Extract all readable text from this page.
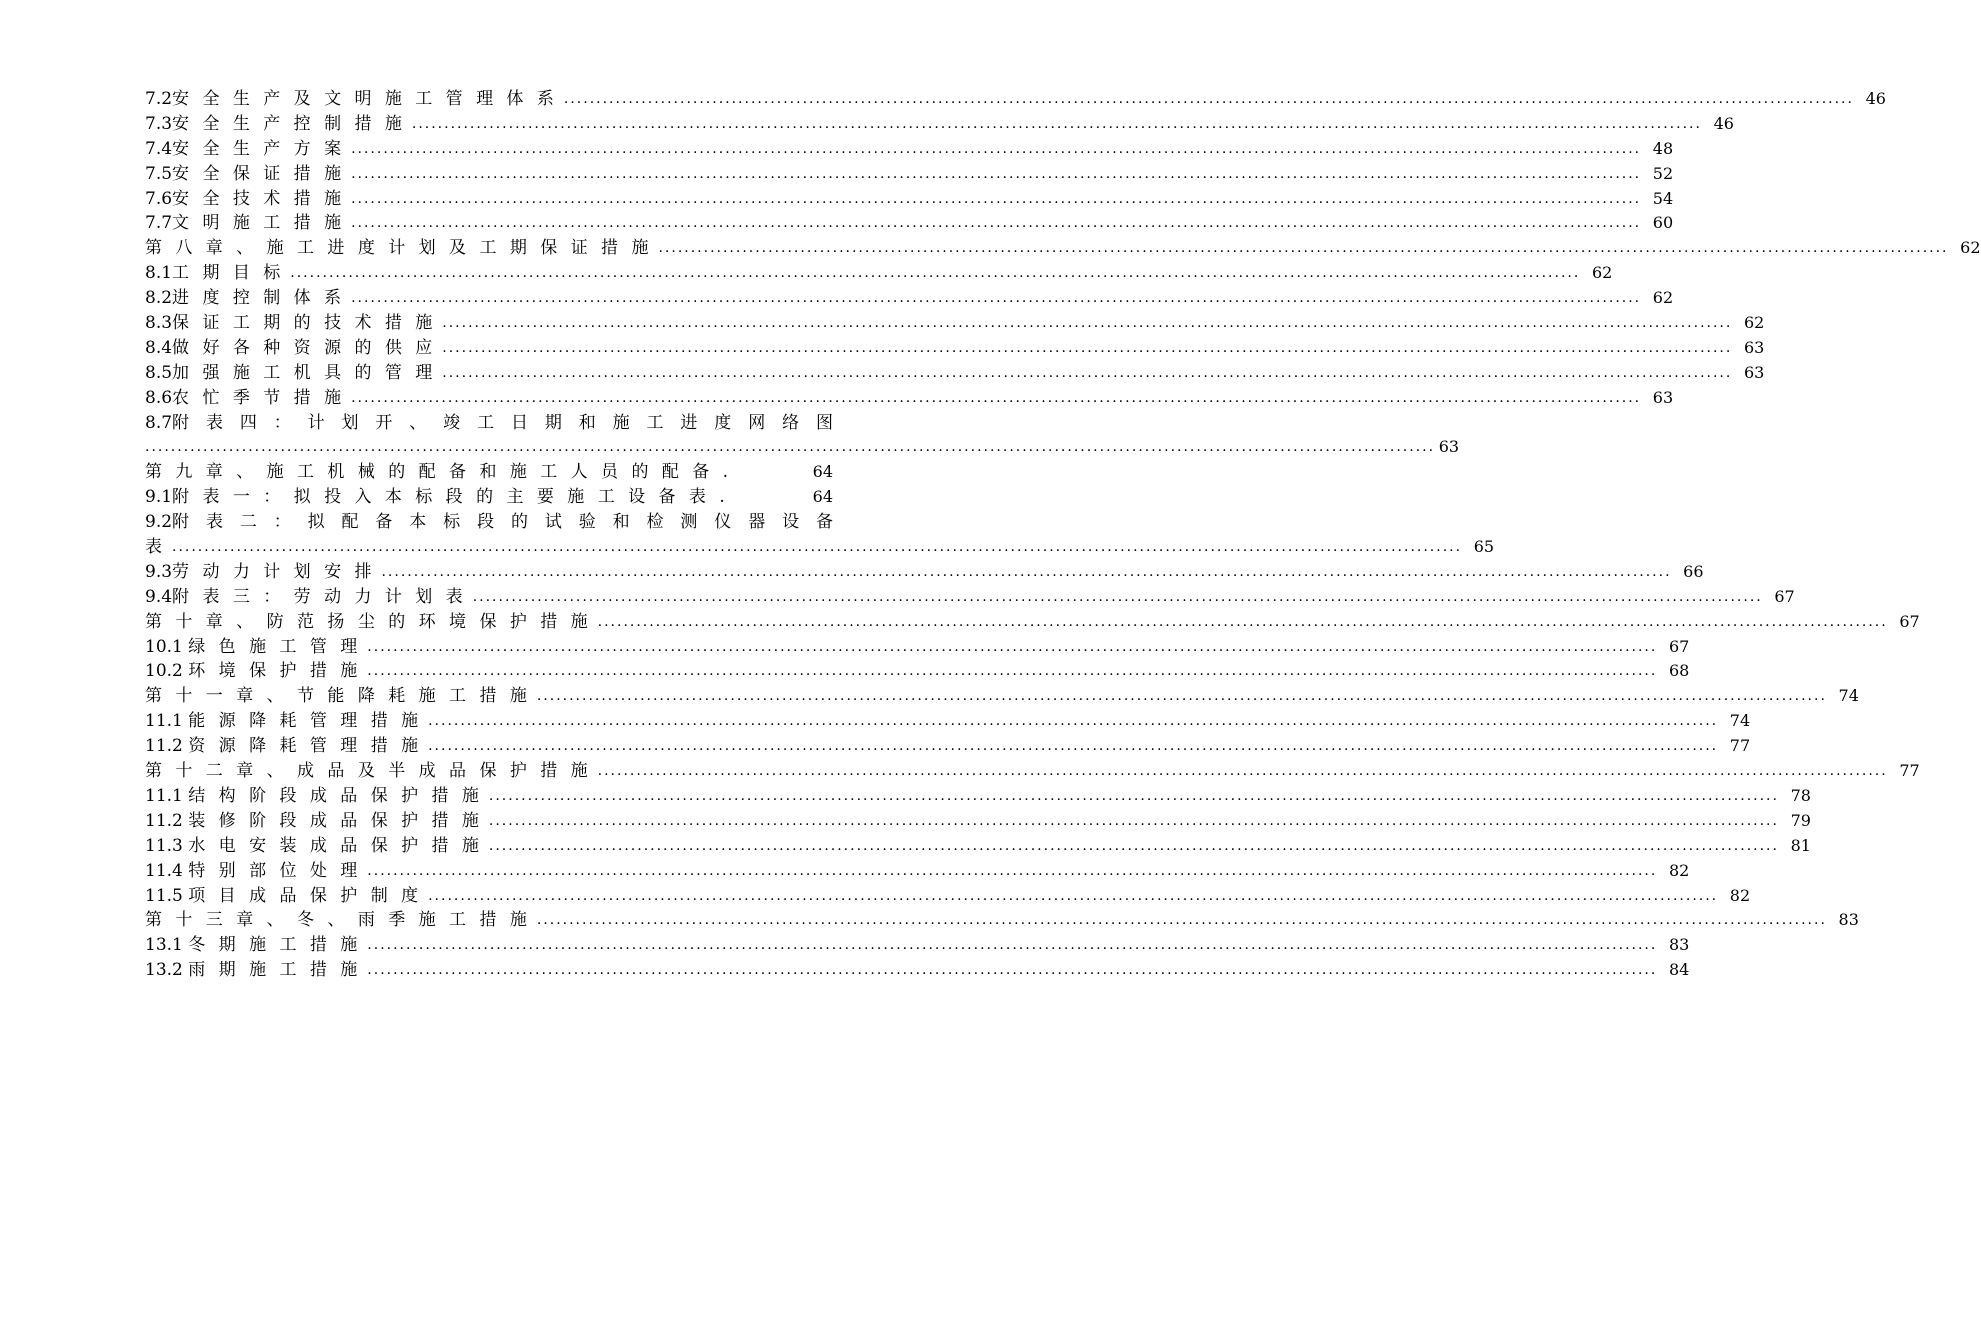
7.2安 全 生 产 及 文 明 施 工 管 理 体 系 ........................................................................................................................................................................................................ 46
7.3安 全 生 产 控 制 措 施 ........................................................................................................................................................................................................ 46
7.4安 全 生 产 方 案 ........................................................................................................................................................................................................ 48
7.5安 全 保 证 措 施 ........................................................................................................................................................................................................ 52
7.6安 全 技 术 措 施 ........................................................................................................................................................................................................ 54
7.7文 明 施 工 措 施 ........................................................................................................................................................................................................ 60
第 八 章 、 施 工 进 度 计 划 及 工 期 保 证 措 施 ........................................................................................................................................................................................................ 62
8.1工 期 目 标 ........................................................................................................................................................................................................ 62
8.2进 度 控 制 体 系 ........................................................................................................................................................................................................ 62
8.3保 证 工 期 的 技 术 措 施 ........................................................................................................................................................................................................ 62
8.4做 好 各 种 资 源 的 供 应 ........................................................................................................................................................................................................ 63
8.5加 强 施 工 机 具 的 管 理 ........................................................................................................................................................................................................ 63
8.6农 忙 季 节 措 施 ........................................................................................................................................................................................................ 63
8.7 附 表 四 ： 计 划 开 、 竣 工 日 期 和 施 工 进 度 网 络 图
........................................................................................................................................................................................................ 63
第 九 章 、 施 工 机 械 的 配 备 和 施 工 人 员 的 配 备 .	64
9.1附 表 一 ： 拟 投 入 本 标 段 的 主 要 施 工 设 备 表 .	64
9.2 附 表 二 ： 拟 配 备 本 标 段 的 试 验 和 检 测 仪 器 设 备
表 ........................................................................................................................................................................................................ 65
9.3劳 动 力 计 划 安 排 ........................................................................................................................................................................................................ 66
9.4附 表 三 ： 劳 动 力 计 划 表 ........................................................................................................................................................................................................ 67
第 十 章 、 防 范 扬 尘 的 环 境 保 护 措 施 ........................................................................................................................................................................................................ 67
10.1 绿 色 施 工 管 理 ........................................................................................................................................................................................................ 67
10.2 环 境 保 护 措 施 ........................................................................................................................................................................................................ 68
第 十 一 章 、 节 能 降 耗 施 工 措 施 ........................................................................................................................................................................................................ 74
11.1 能 源 降 耗 管 理 措 施 ........................................................................................................................................................................................................ 74
11.2 资 源 降 耗 管 理 措 施 ........................................................................................................................................................................................................ 77
第 十 二 章 、 成 品 及 半 成 品 保 护 措 施 ........................................................................................................................................................................................................ 77
11.1 结 构 阶 段 成 品 保 护 措 施 ........................................................................................................................................................................................................ 78
11.2 装 修 阶 段 成 品 保 护 措 施 ........................................................................................................................................................................................................ 79
11.3 水 电 安 装 成 品 保 护 措 施 ........................................................................................................................................................................................................ 81
11.4 特 别 部 位 处 理 ........................................................................................................................................................................................................ 82
11.5 项 目 成 品 保 护 制 度 ........................................................................................................................................................................................................ 82
第 十 三 章 、 冬 、 雨 季 施 工 措 施 ........................................................................................................................................................................................................ 83
13.1 冬 期 施 工 措 施 ........................................................................................................................................................................................................ 83
13.2 雨 期 施 工 措 施 ........................................................................................................................................................................................................ 84
